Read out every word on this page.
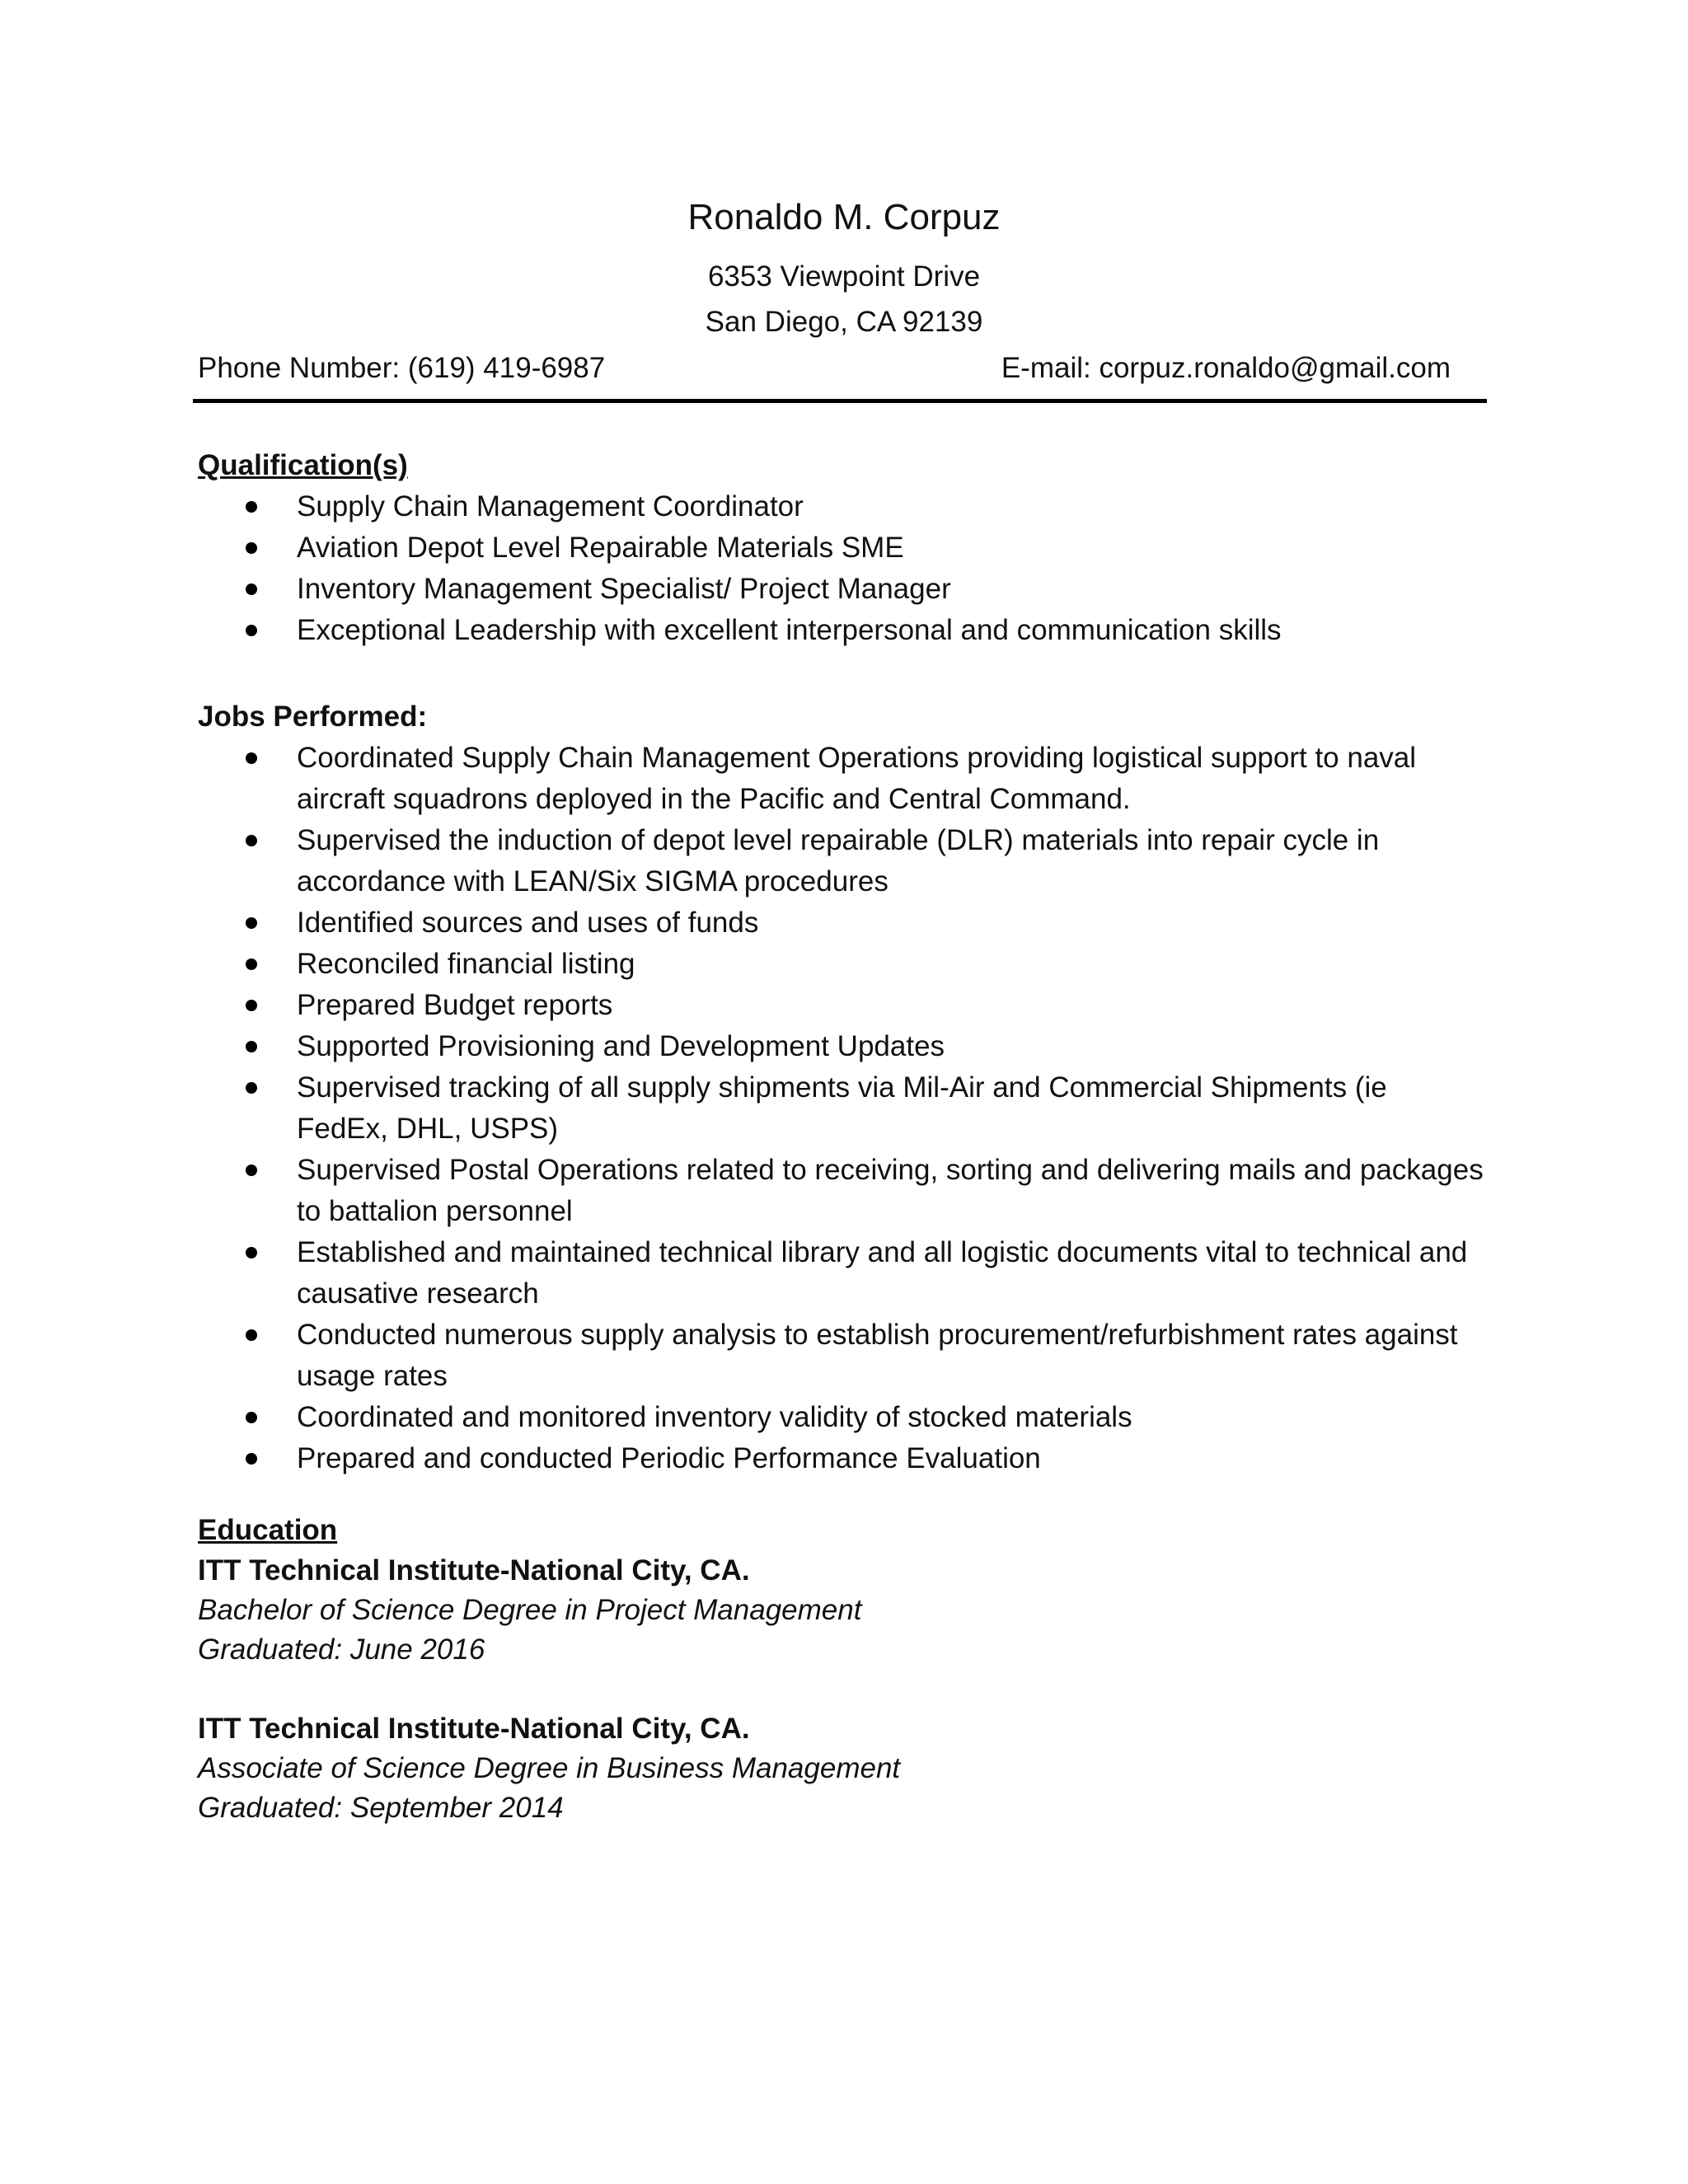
Ronaldo M. Corpuz
6353 Viewpoint Drive
San Diego, CA 92139
Phone Number: (619) 419-6987	E-mail: corpuz.ronaldo@gmail.com

Qualification(s)

Supply Chain Management Coordinator
Aviation Depot Level Repairable Materials SME
Inventory Management Specialist/ Project Manager
Exceptional Leadership with excellent interpersonal and communication skills

Jobs Performed:

Coordinated Supply Chain Management Operations providing logistical support to naval aircraft squadrons deployed in the Pacific and Central Command.
Supervised the induction of depot level repairable (DLR) materials into repair cycle in accordance with LEAN/Six SIGMA procedures
Identified sources and uses of funds
Reconciled financial listing
Prepared Budget reports
Supported Provisioning and Development Updates
Supervised tracking of all supply shipments via Mil-Air and Commercial Shipments (ie FedEx, DHL, USPS)
Supervised Postal Operations related to receiving, sorting and delivering mails and packages to battalion personnel
Established and maintained technical library and all logistic documents vital to technical and causative research
Conducted numerous supply analysis to establish procurement/refurbishment rates against usage rates
Coordinated and monitored inventory validity of stocked materials
Prepared and conducted Periodic Performance Evaluation

Education

ITT Technical Institute-National City, CA.

Bachelor of Science Degree in Project Management

Graduated: June 2016

ITT Technical Institute-National City, CA.

Associate of Science Degree in Business Management

Graduated: September 2014
